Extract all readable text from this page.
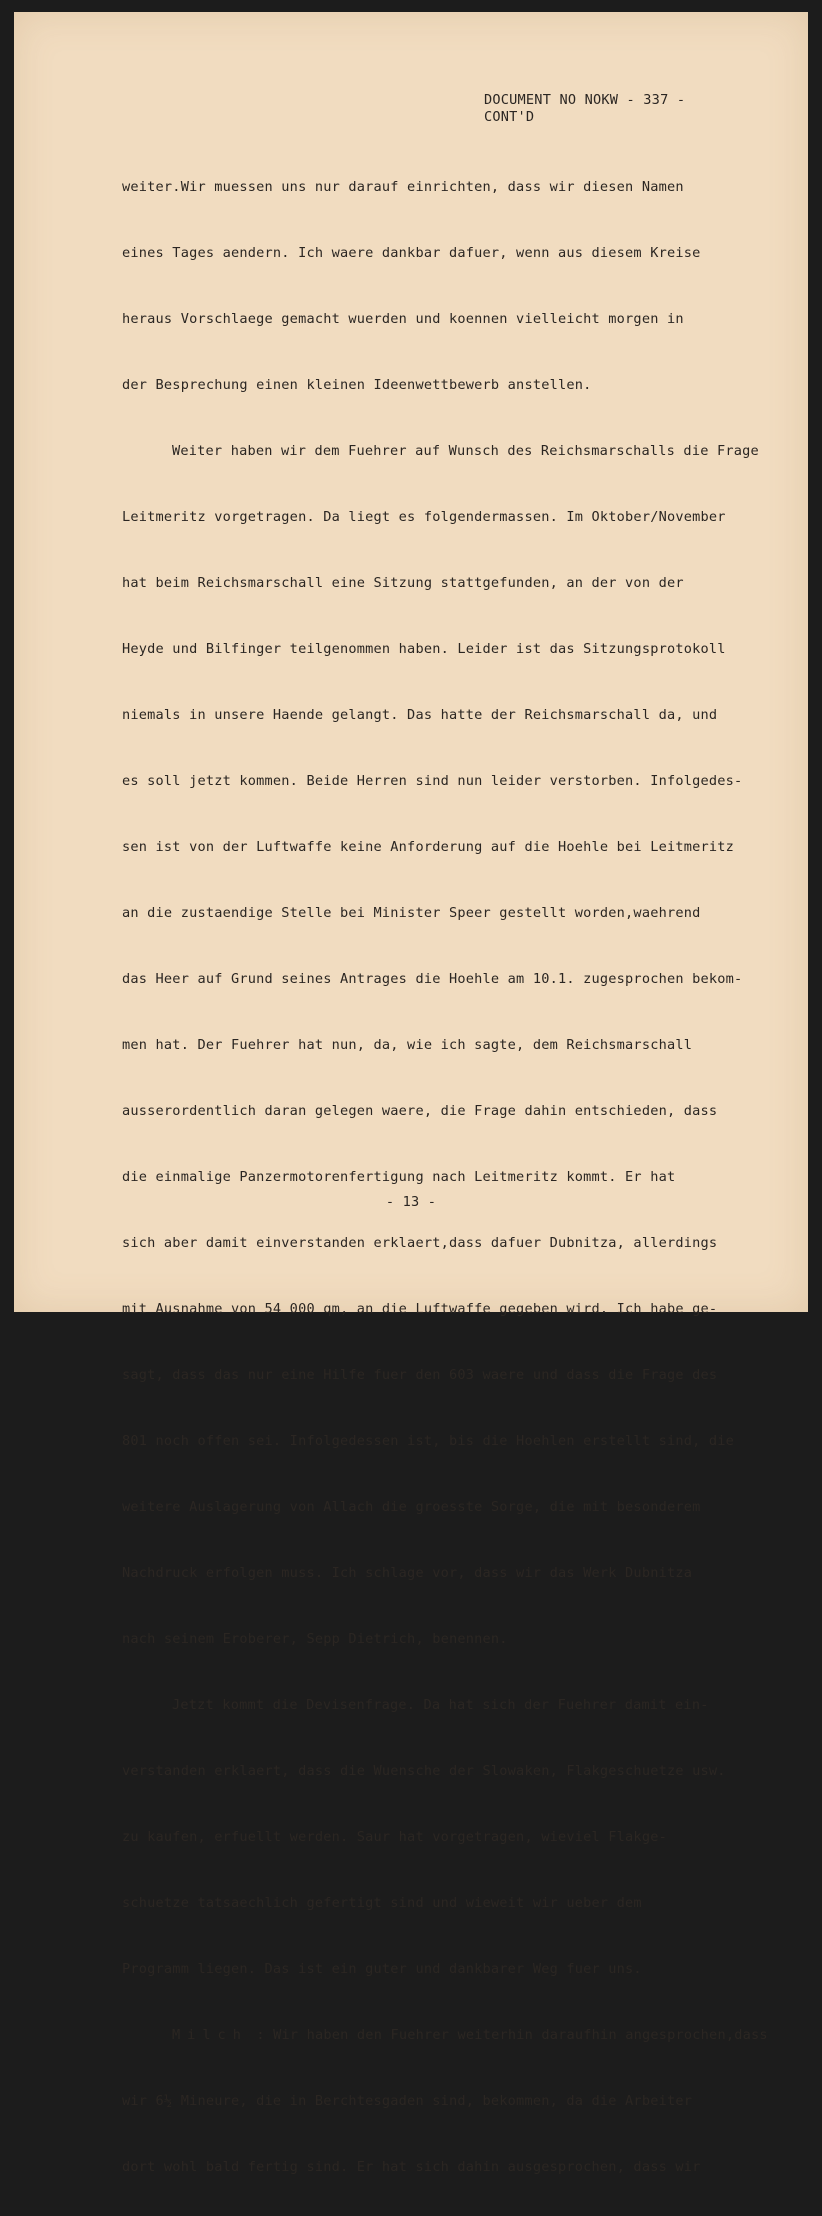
DOCUMENT NO NOKW - 337 -
CONT'D

weiter.Wir muessen uns nur darauf einrichten, dass wir diesen Namen

eines Tages aendern. Ich waere dankbar dafuer, wenn aus diesem Kreise

heraus Vorschlaege gemacht wuerden und koennen vielleicht morgen in

der Besprechung einen kleinen Ideenwettbewerb anstellen.

Weiter haben wir dem Fuehrer auf Wunsch des Reichsmarschalls die Frage

Leitmeritz vorgetragen. Da liegt es folgendermassen. Im Oktober/November

hat beim Reichsmarschall eine Sitzung stattgefunden, an der von der

Heyde und Bilfinger teilgenommen haben. Leider ist das Sitzungsprotokoll

niemals in unsere Haende gelangt. Das hatte der Reichsmarschall da, und

es soll jetzt kommen. Beide Herren sind nun leider verstorben. Infolgedes-

sen ist von der Luftwaffe keine Anforderung auf die Hoehle bei Leitmeritz

an die zustaendige Stelle bei Minister Speer gestellt worden,waehrend

das Heer auf Grund seines Antrages die Hoehle am 10.1. zugesprochen bekom-

men hat. Der Fuehrer hat nun, da, wie ich sagte, dem Reichsmarschall

ausserordentlich daran gelegen waere, die Frage dahin entschieden, dass

die einmalige Panzermotorenfertigung nach Leitmeritz kommt. Er hat

sich aber damit einverstanden erklaert,dass dafuer Dubnitza, allerdings

mit Ausnahme von 54 000 qm, an die Luftwaffe gegeben wird. Ich habe ge-

sagt, dass das nur eine Hilfe fuer den 603 waere und dass die Frage des

801 noch offen sei. Infolgedessen ist, bis die Hoehlen erstellt sind, die

weitere Auslagerung von Allach die groesste Sorge, die mit besonderem

Nachdruck erfolgen muss. Ich schlage vor, dass wir das Werk Dubnitza

nach seinem Eroberer, Sepp Dietrich, benennen.

Jetzt kommt die Devisenfrage. Da hat sich der Fuehrer damit ein-

verstanden erklaert, dass die Wuensche der Slowaken, Flakgeschuetze usw.

zu kaufen, erfuellt werden. Saur hat vorgetragen, wieviel Flakge-

schuetze tatsaechlich gefertigt sind und wieweit wir ueber dem

Programm liegen. Das ist ein guter und dankbarer Weg fuer uns.

Milch : Wir haben den Fuehrer weiterhin daraufhin angesprochen,dass

wir 6½ Mineure, die in Berchtesgaden sind, bekommen, da die Arbeiter

dort wohl bald fertig sind. Er hat sich dahin ausgesprochen, dass wir

- 13 -
